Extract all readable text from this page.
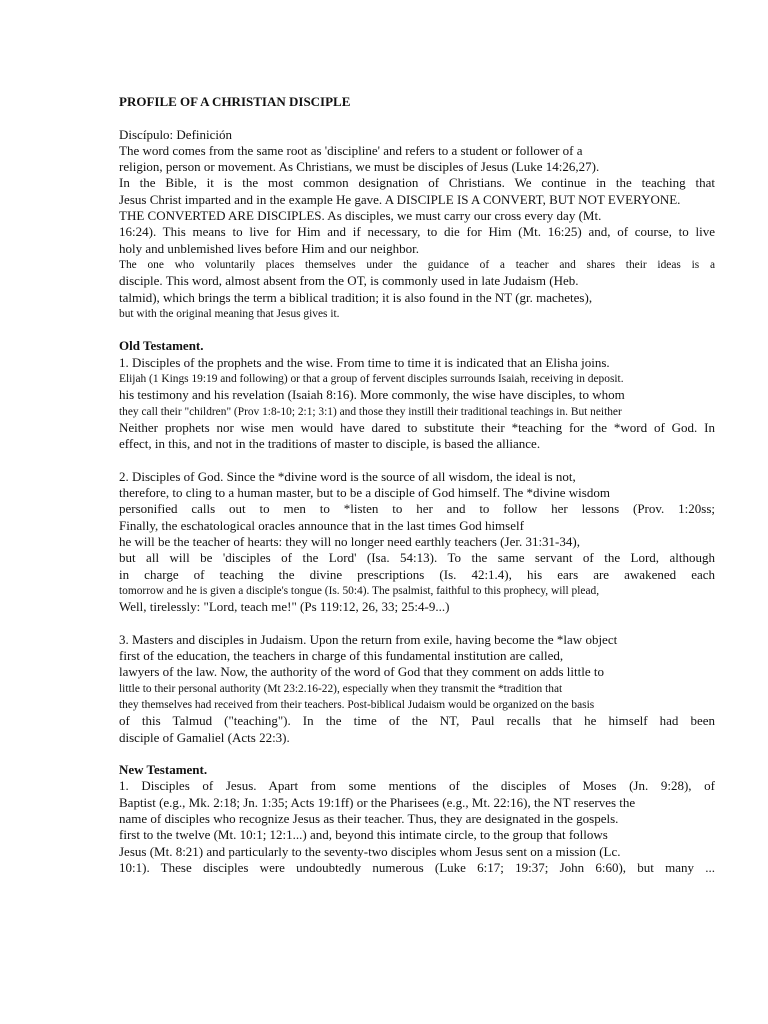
PROFILE OF A CHRISTIAN DISCIPLE
Discípulo: Definición
The word comes from the same root as 'discipline' and refers to a student or follower of a
religion, person or movement. As Christians, we must be disciples of Jesus (Luke 14:26,27).
In the Bible, it is the most common designation of Christians. We continue in the teaching that
Jesus Christ imparted and in the example He gave. A DISCIPLE IS A CONVERT, BUT NOT EVERYONE.
THE CONVERTED ARE DISCIPLES. As disciples, we must carry our cross every day (Mt.
16:24). This means to live for Him and if necessary, to die for Him (Mt. 16:25) and, of course, to live
holy and unblemished lives before Him and our neighbor.
The one who voluntarily places themselves under the guidance of a teacher and shares their ideas is a
disciple. This word, almost absent from the OT, is commonly used in late Judaism (Heb.
talmid), which brings the term a biblical tradition; it is also found in the NT (gr. machetes),
but with the original meaning that Jesus gives it.
Old Testament.
1. Disciples of the prophets and the wise. From time to time it is indicated that an Elisha joins.
Elijah (1 Kings 19:19 and following) or that a group of fervent disciples surrounds Isaiah, receiving in deposit.
his testimony and his revelation (Isaiah 8:16). More commonly, the wise have disciples, to whom
they call their "children" (Prov 1:8-10; 2:1; 3:1) and those they instill their traditional teachings in. But neither
Neither prophets nor wise men would have dared to substitute their *teaching for the *word of God. In
effect, in this, and not in the traditions of master to disciple, is based the alliance.
2. Disciples of God. Since the *divine word is the source of all wisdom, the ideal is not,
therefore, to cling to a human master, but to be a disciple of God himself. The *divine wisdom
personified calls out to men to *listen to her and to follow her lessons (Prov. 1:20ss;
Finally, the eschatological oracles announce that in the last times God himself
he will be the teacher of hearts: they will no longer need earthly teachers (Jer. 31:31-34),
but all will be 'disciples of the Lord' (Isa. 54:13). To the same servant of the Lord, although
in charge of teaching the divine prescriptions (Is. 42:1.4), his ears are awakened each
tomorrow and he is given a disciple's tongue (Is. 50:4). The psalmist, faithful to this prophecy, will plead,
Well, tirelessly: "Lord, teach me!" (Ps 119:12, 26, 33; 25:4-9...)
3. Masters and disciples in Judaism. Upon the return from exile, having become the *law object
first of the education, the teachers in charge of this fundamental institution are called,
lawyers of the law. Now, the authority of the word of God that they comment on adds little to
little to their personal authority (Mt 23:2.16-22), especially when they transmit the *tradition that
they themselves had received from their teachers. Post-biblical Judaism would be organized on the basis
of this Talmud ("teaching"). In the time of the NT, Paul recalls that he himself had been
disciple of Gamaliel (Acts 22:3).
New Testament.
1. Disciples of Jesus. Apart from some mentions of the disciples of Moses (Jn. 9:28), of
Baptist (e.g., Mk. 2:18; Jn. 1:35; Acts 19:1ff) or the Pharisees (e.g., Mt. 22:16), the NT reserves the
name of disciples who recognize Jesus as their teacher. Thus, they are designated in the gospels.
first to the twelve (Mt. 10:1; 12:1...) and, beyond this intimate circle, to the group that follows
Jesus (Mt. 8:21) and particularly to the seventy-two disciples whom Jesus sent on a mission (Lc.
10:1). These disciples were undoubtedly numerous (Luke 6:17; 19:37; John 6:60), but many ...
